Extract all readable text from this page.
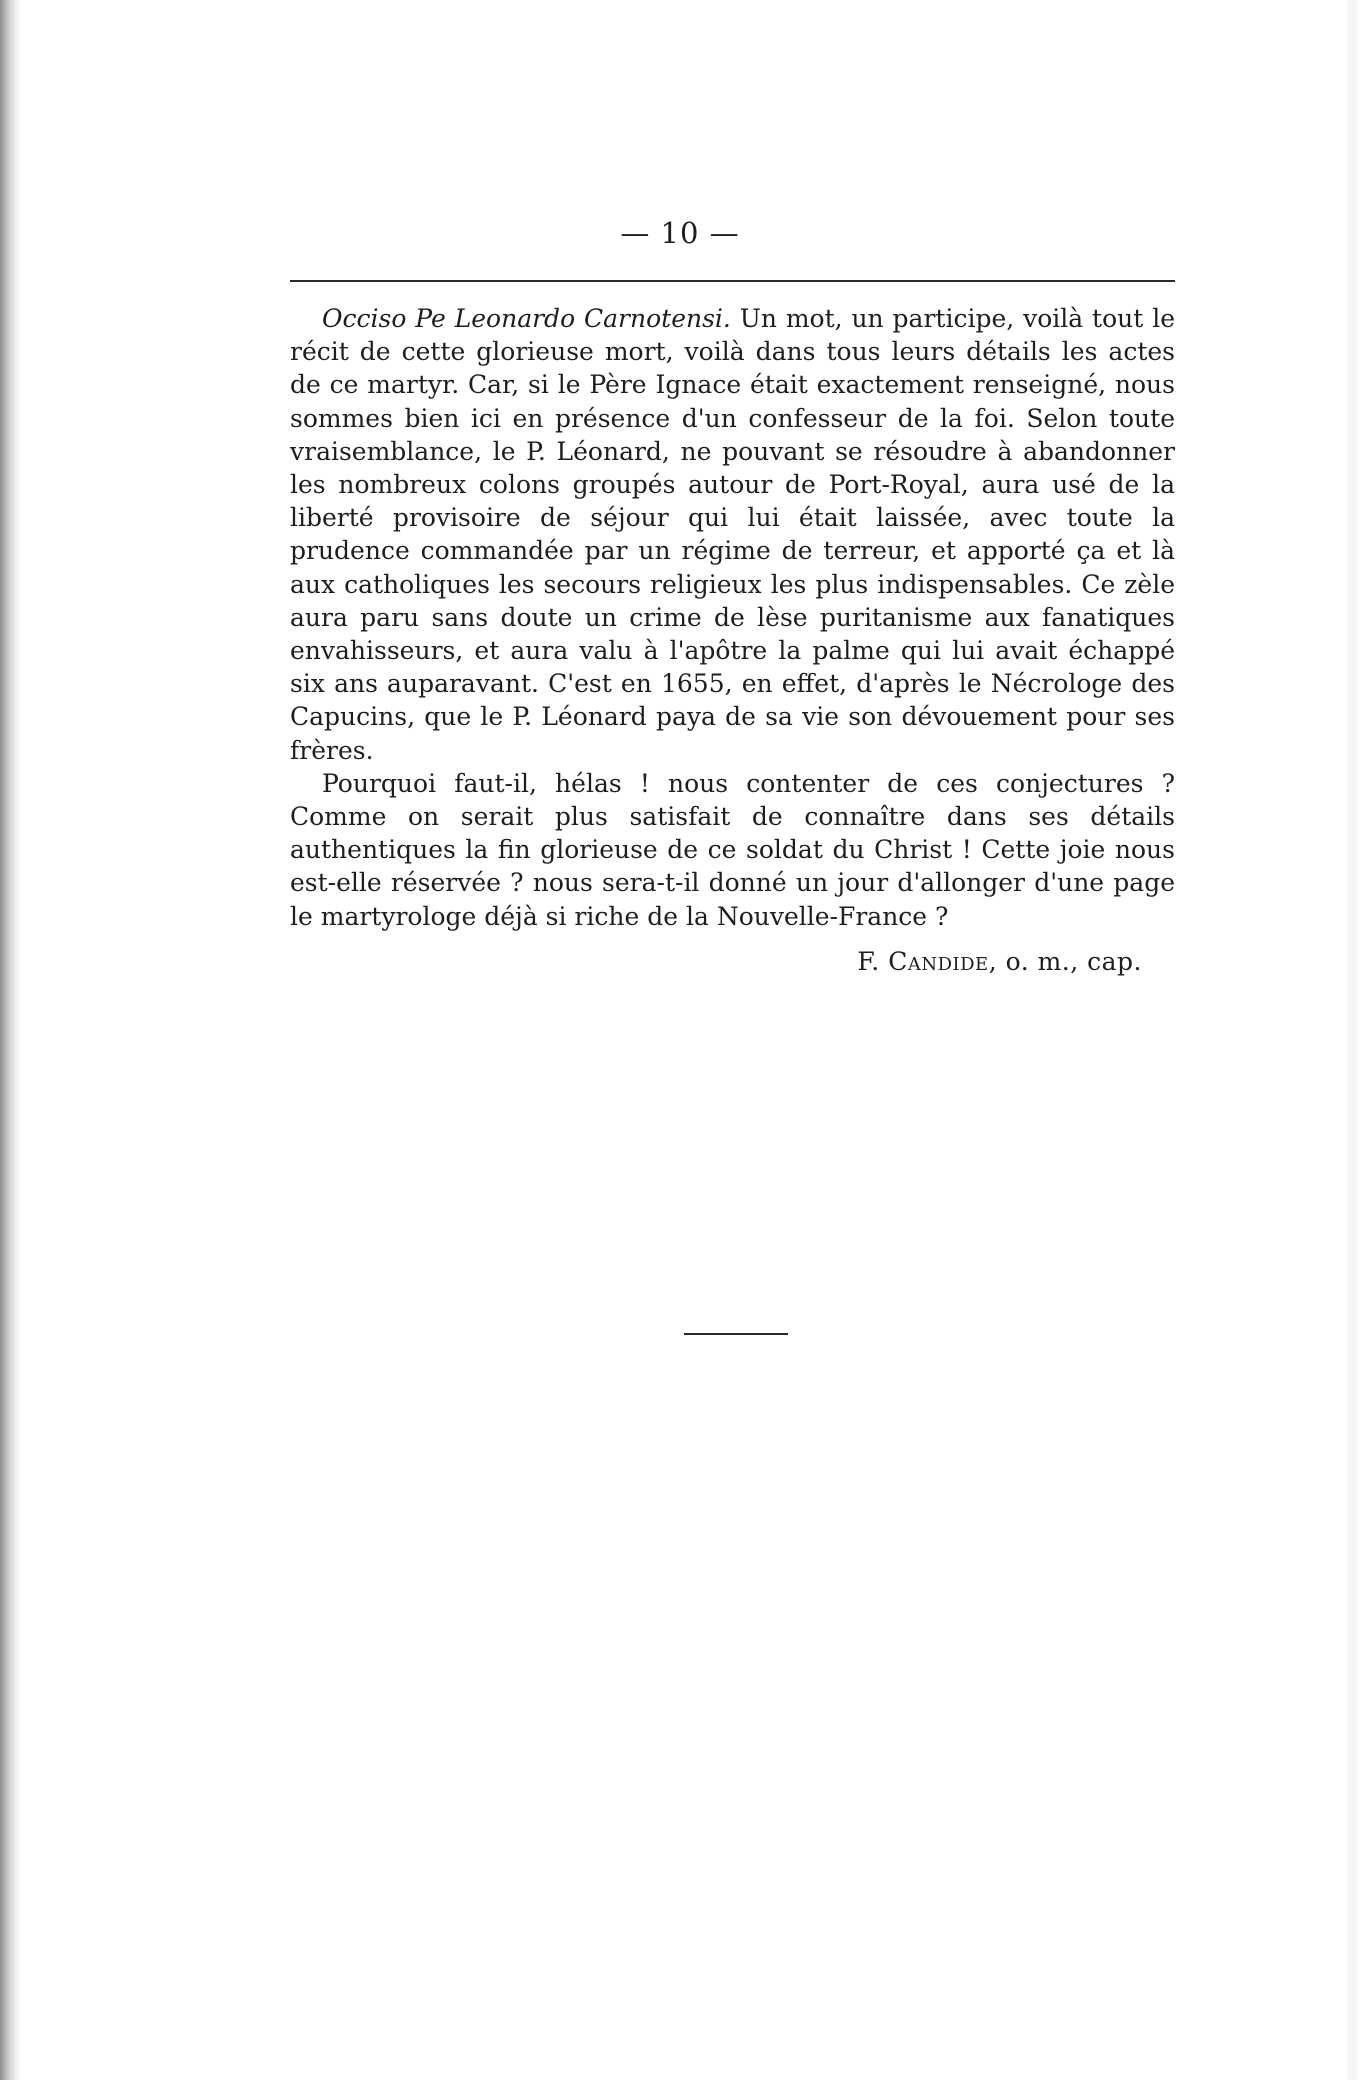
— 10 —

Occiso Pe Leonardo Carnotensi. Un mot, un participe, voilà tout le récit de cette glorieuse mort, voilà dans tous leurs détails les actes de ce martyr. Car, si le Père Ignace était exactement renseigné, nous sommes bien ici en présence d'un confesseur de la foi. Selon toute vraisemblance, le P. Léonard, ne pouvant se résoudre à abandonner les nombreux colons groupés autour de Port-Royal, aura usé de la liberté provisoire de séjour qui lui était laissée, avec toute la prudence commandée par un régime de terreur, et apporté ça et là aux catholiques les secours religieux les plus indispensables. Ce zèle aura paru sans doute un crime de lèse puritanisme aux fanatiques envahisseurs, et aura valu à l'apôtre la palme qui lui avait échappé six ans auparavant. C'est en 1655, en effet, d'après le Nécrologe des Capucins, que le P. Léonard paya de sa vie son dévouement pour ses frères.

Pourquoi faut-il, hélas ! nous contenter de ces conjectures ? Comme on serait plus satisfait de connaître dans ses détails authentiques la fin glorieuse de ce soldat du Christ ! Cette joie nous est-elle réservée ? nous sera-t-il donné un jour d'allonger d'une page le martyrologe déjà si riche de la Nouvelle-France ?

F. Candide, o. m., cap.
